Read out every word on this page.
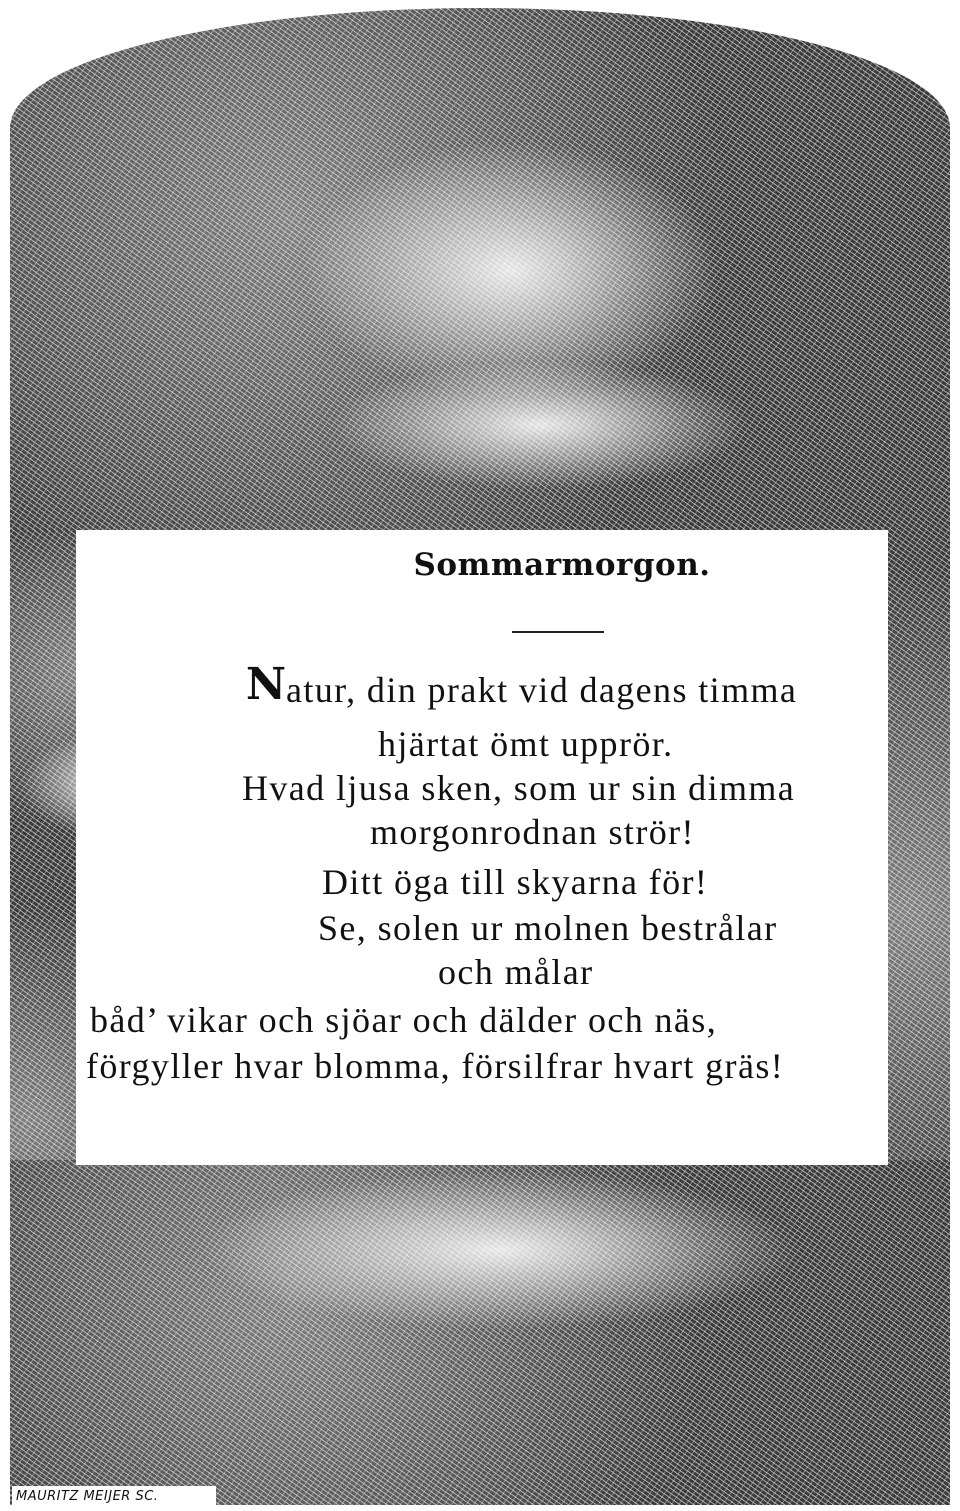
Sommarmorgon.
N atur, din prakt vid dagens timma
hjärtat ömt upprör.
Hvad ljusa sken, som ur sin dimma
morgonrodnan strör!
Ditt öga till skyarna för!
Se, solen ur molnen bestrålar
och målar
båd’ vikar och sjöar och dälder och näs,
förgyller hvar blomma, försilfrar hvart gräs!
MAURITZ MEIJER SC.
